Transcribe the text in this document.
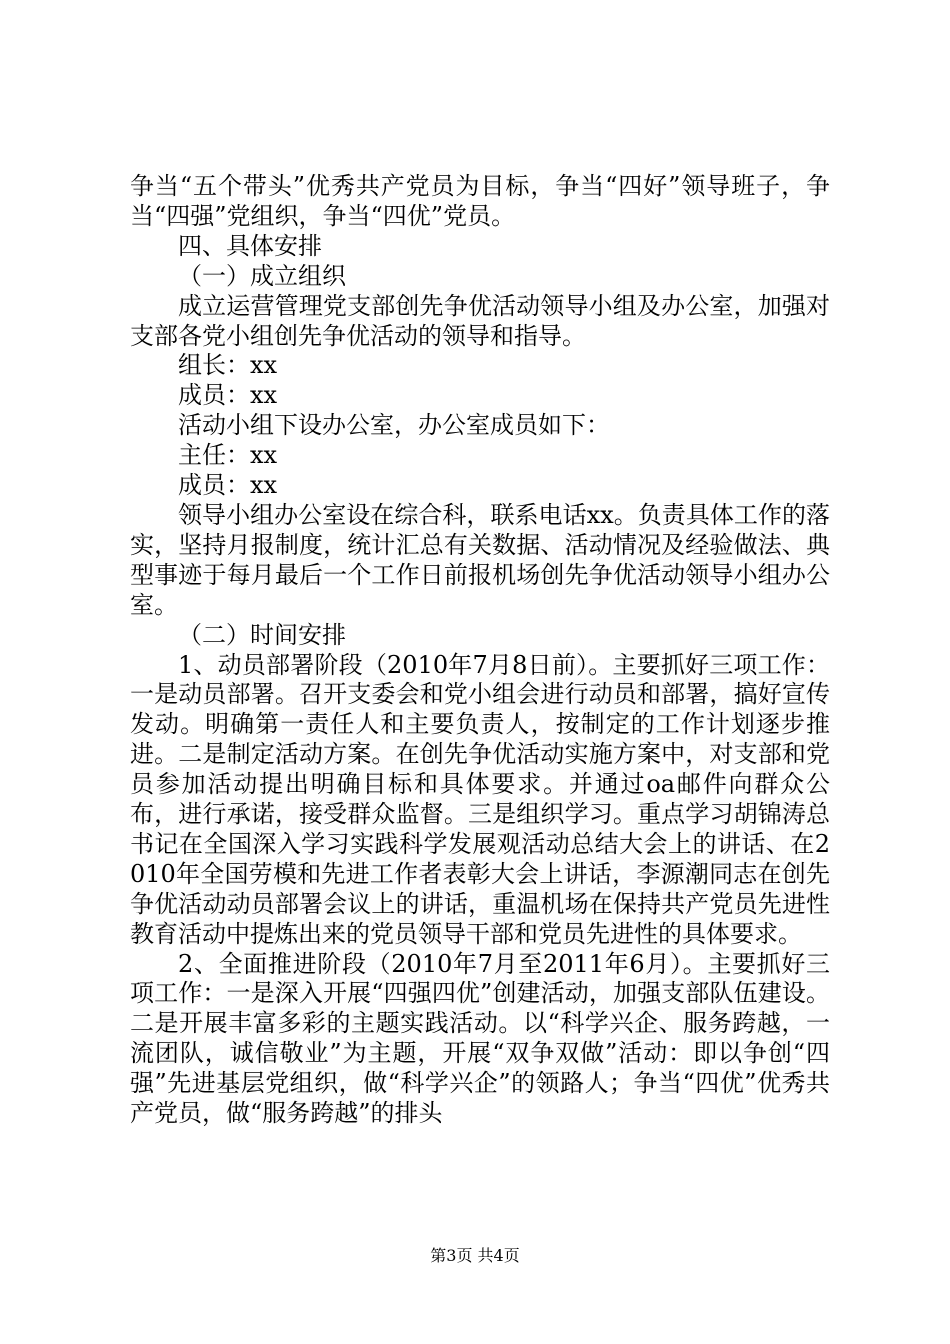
争当“五个带头”优秀共产党员为目标，争当“四好”领导班子，争当“四强”党组织，争当“四优”党员。

四、具体安排

（一）成立组织

成立运营管理党支部创先争优活动领导小组及办公室，加强对支部各党小组创先争优活动的领导和指导。

组长：xx

成员：xx

活动小组下设办公室，办公室成员如下：

主任：xx

成员：xx

领导小组办公室设在综合科，联系电话xx。负责具体工作的落实，坚持月报制度，统计汇总有关数据、活动情况及经验做法、典型事迹于每月最后一个工作日前报机场创先争优活动领导小组办公室。

（二）时间安排

1、动员部署阶段（2010年7月8日前）。主要抓好三项工作：一是动员部署。召开支委会和党小组会进行动员和部署，搞好宣传发动。明确第一责任人和主要负责人，按制定的工作计划逐步推进。二是制定活动方案。在创先争优活动实施方案中，对支部和党员参加活动提出明确目标和具体要求。并通过oa邮件向群众公布，进行承诺，接受群众监督。三是组织学习。重点学习胡锦涛总书记在全国深入学习实践科学发展观活动总结大会上的讲话、在2010年全国劳模和先进工作者表彰大会上讲话，李源潮同志在创先争优活动动员部署会议上的讲话，重温机场在保持共产党员先进性教育活动中提炼出来的党员领导干部和党员先进性的具体要求。

2、全面推进阶段（2010年7月至2011年6月）。主要抓好三项工作：一是深入开展“四强四优”创建活动，加强支部队伍建设。二是开展丰富多彩的主题实践活动。以“科学兴企、服务跨越，一流团队，诚信敬业”为主题，开展“双争双做”活动：即以争创“四强”先进基层党组织，做“科学兴企”的领路人；争当“四优”优秀共产党员，做“服务跨越”的排头

第3页 共4页
